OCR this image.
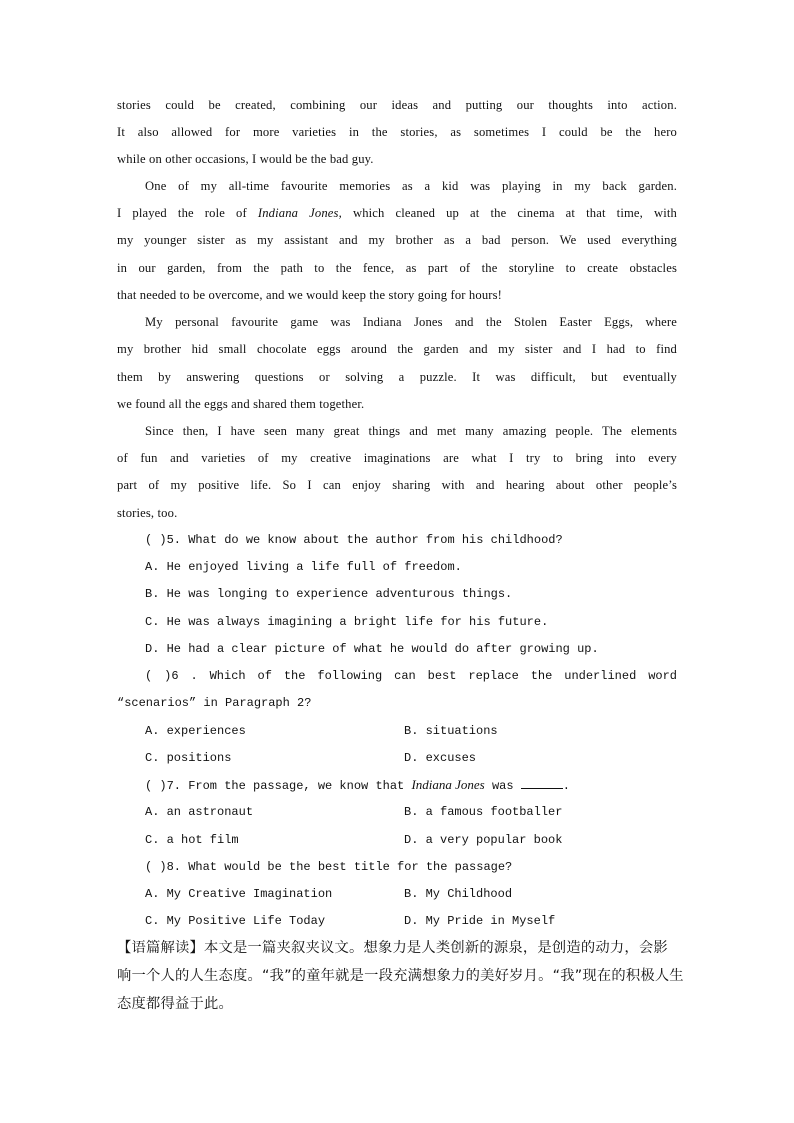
stories could be created, combining our ideas and putting our thoughts into action.
It also allowed for more varieties in the stories, as sometimes I could be the hero
while on other occasions, I would be the bad guy.
One of my all-time favourite memories as a kid was playing in my back garden.
I played the role of Indiana Jones, which cleaned up at the cinema at that time, with
my younger sister as my assistant and my brother as a bad person. We used everything
in our garden, from the path to the fence, as part of the storyline to create obstacles
that needed to be overcome, and we would keep the story going for hours!
My personal favourite game was Indiana Jones and the Stolen Easter Eggs, where
my brother hid small chocolate eggs around the garden and my sister and I had to find
them by answering questions or solving a puzzle. It was difficult, but eventually
we found all the eggs and shared them together.
Since then, I have seen many great things and met many amazing people. The elements
of fun and varieties of my creative imaginations are what I try to bring into every
part of my positive life. So I can enjoy sharing with and hearing about other people’s
stories, too.
( )5. What do we know about the author from his childhood?
A. He enjoyed living a life full of freedom.
B. He was longing to experience adventurous things.
C. He was always imagining a bright life for his future.
D. He had a clear picture of what he would do after growing up.
( )6 . Which of the following can best replace the underlined word
“scenarios” in Paragraph 2?
A. experiences	B. situations
C. positions	D. excuses
( )7. From the passage, we know that Indiana Jones was	.
A. an astronaut	B. a famous footballer
C. a hot film	D. a very popular book
( )8. What would be the best title for the passage?
A. My Creative Imagination	B. My Childhood
C. My Positive Life Today	D. My Pride in Myself
【语篇解读】本文是一篇夹叙夹议文。想象力是人类创新的源泉，是创造的动力，会影
响一个人的人生态度。“我”的童年就是一段充满想象力的美好岁月。“我”现在的积极人生
态度都得益于此。
